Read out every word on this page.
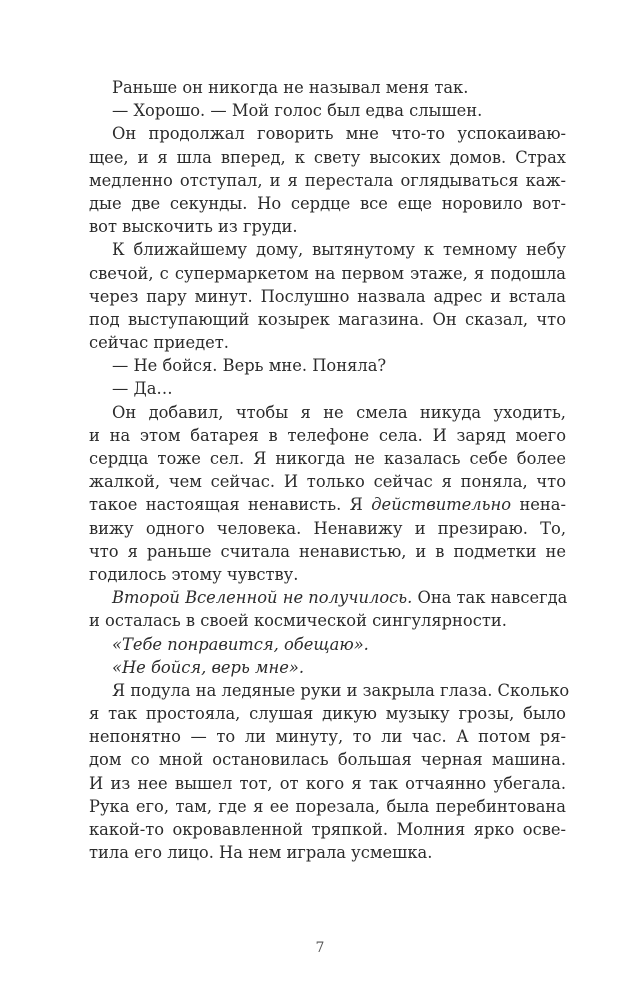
Раньше он никогда не называл меня так.
— Хорошо. — Мой голос был едва слышен.
Он продолжал говорить мне что-то успокаиваю-
щее, и я шла вперед, к свету высоких домов. Страх
медленно отступал, и я перестала оглядываться каж-
дые две секунды. Но сердце все еще норовило вот-
вот выскочить из груди.
К ближайшему дому, вытянутому к темному небу
свечой, с супермаркетом на первом этаже, я подошла
через пару минут. Послушно назвала адрес и встала
под выступающий козырек магазина. Он сказал, что
сейчас приедет.
— Не бойся. Верь мне. Поняла?
— Да…
Он добавил, чтобы я не смела никуда уходить,
и на этом батарея в телефоне села. И заряд моего
сердца тоже сел. Я никогда не казалась себе более
жалкой, чем сейчас. И только сейчас я поняла, что
такое настоящая ненависть. Я действительно нена-
вижу одного человека. Ненавижу и презираю. То,
что я раньше считала ненавистью, и в подметки не
годилось этому чувству.
Второй Вселенной не получилось. Она так навсегда
и осталась в своей космической сингулярности.
«Тебе понравится, обещаю».
«Не бойся, верь мне».
Я подула на ледяные руки и закрыла глаза. Сколько
я так простояла, слушая дикую музыку грозы, было
непонятно — то ли минуту, то ли час. А потом ря-
дом со мной остановилась большая черная машина.
И из нее вышел тот, от кого я так отчаянно убегала.
Рука его, там, где я ее порезала, была перебинтована
какой-то окровавленной тряпкой. Молния ярко осве-
тила его лицо. На нем играла усмешка.
7
